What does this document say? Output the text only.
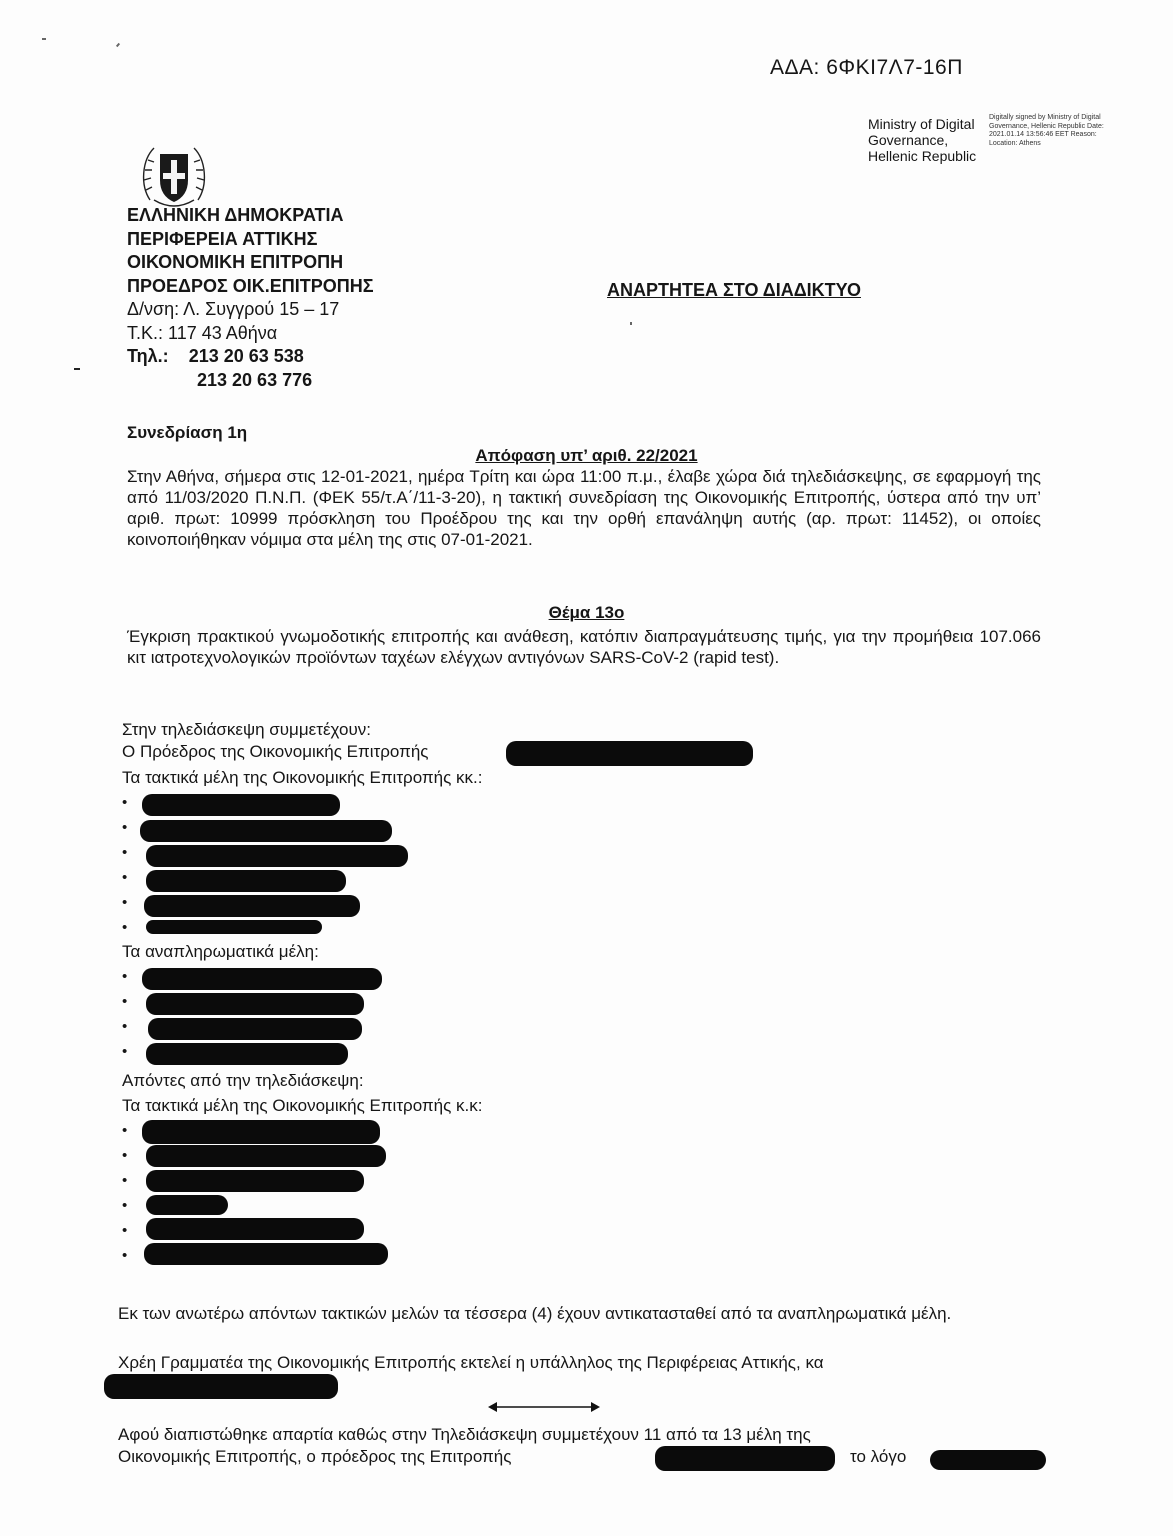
ΑΔΑ: 6ΦΚΙ7Λ7-16Π
Ministry of Digital Governance, Hellenic Republic
Digitally signed by Ministry of Digital Governance, Hellenic Republic Date: 2021.01.14 13:56:46 EET Reason: Location: Athens
ΕΛΛΗΝΙΚΗ ΔΗΜΟΚΡΑΤΙΑ
ΠΕΡΙΦΕΡΕΙΑ ΑΤΤΙΚΗΣ
ΟΙΚΟΝΟΜΙΚΗ ΕΠΙΤΡΟΠΗ
ΠΡΟΕΔΡΟΣ ΟΙΚ.ΕΠΙΤΡΟΠΗΣ
Δ/νση: Λ. Συγγρού 15 – 17
Τ.Κ.: 117 43 Αθήνα
Τηλ.: 213 20 63 538
213 20 63 776
ΑΝΑΡΤΗΤΕΑ ΣΤΟ ΔΙΑΔΙΚΤΥΟ
Συνεδρίαση 1η
Απόφαση υπ’ αριθ. 22/2021
Στην Αθήνα, σήμερα στις 12-01-2021, ημέρα Τρίτη και ώρα 11:00 π.μ., έλαβε χώρα διά τηλεδιάσκεψης, σε εφαρμογή της από 11/03/2020 Π.Ν.Π. (ΦΕΚ 55/τ.Α΄/11-3-20), η τακτική συνεδρίαση της Οικονομικής Επιτροπής, ύστερα από την υπ’ αριθ. πρωτ: 10999 πρόσκληση του Προέδρου της και την ορθή επανάληψη αυτής (αρ. πρωτ: 11452), οι οποίες κοινοποιήθηκαν νόμιμα στα μέλη της στις 07-01-2021.
Θέμα 13ο
Έγκριση πρακτικού γνωμοδοτικής επιτροπής και ανάθεση, κατόπιν διαπραγμάτευσης τιμής, για την προμήθεια 107.066 κιτ ιατροτεχνολογικών προϊόντων ταχέων ελέγχων αντιγόνων SARS-CoV-2 (rapid test).
Στην τηλεδιάσκεψη συμμετέχουν:
Ο Πρόεδρος της Οικονομικής Επιτροπής
Τα τακτικά μέλη της Οικονομικής Επιτροπής κκ.:
•
•
•
•
•
•
Τα αναπληρωματικά μέλη:
•
•
•
•
Απόντες από την τηλεδιάσκεψη:
Τα τακτικά μέλη της Οικονομικής Επιτροπής κ.κ:
•
•
•
•
•
•
Εκ των ανωτέρω απόντων τακτικών μελών τα τέσσερα (4) έχουν αντικατασταθεί από τα αναπληρωματικά μέλη.
Χρέη Γραμματέα της Οικονομικής Επιτροπής εκτελεί η υπάλληλος της Περιφέρειας Αττικής, κα
Αφού διαπιστώθηκε απαρτία καθώς στην Τηλεδιάσκεψη συμμετέχουν 11 από τα 13 μέλη της
Οικονομικής Επιτροπής, ο πρόεδρος της Επιτροπής	το λόγο
